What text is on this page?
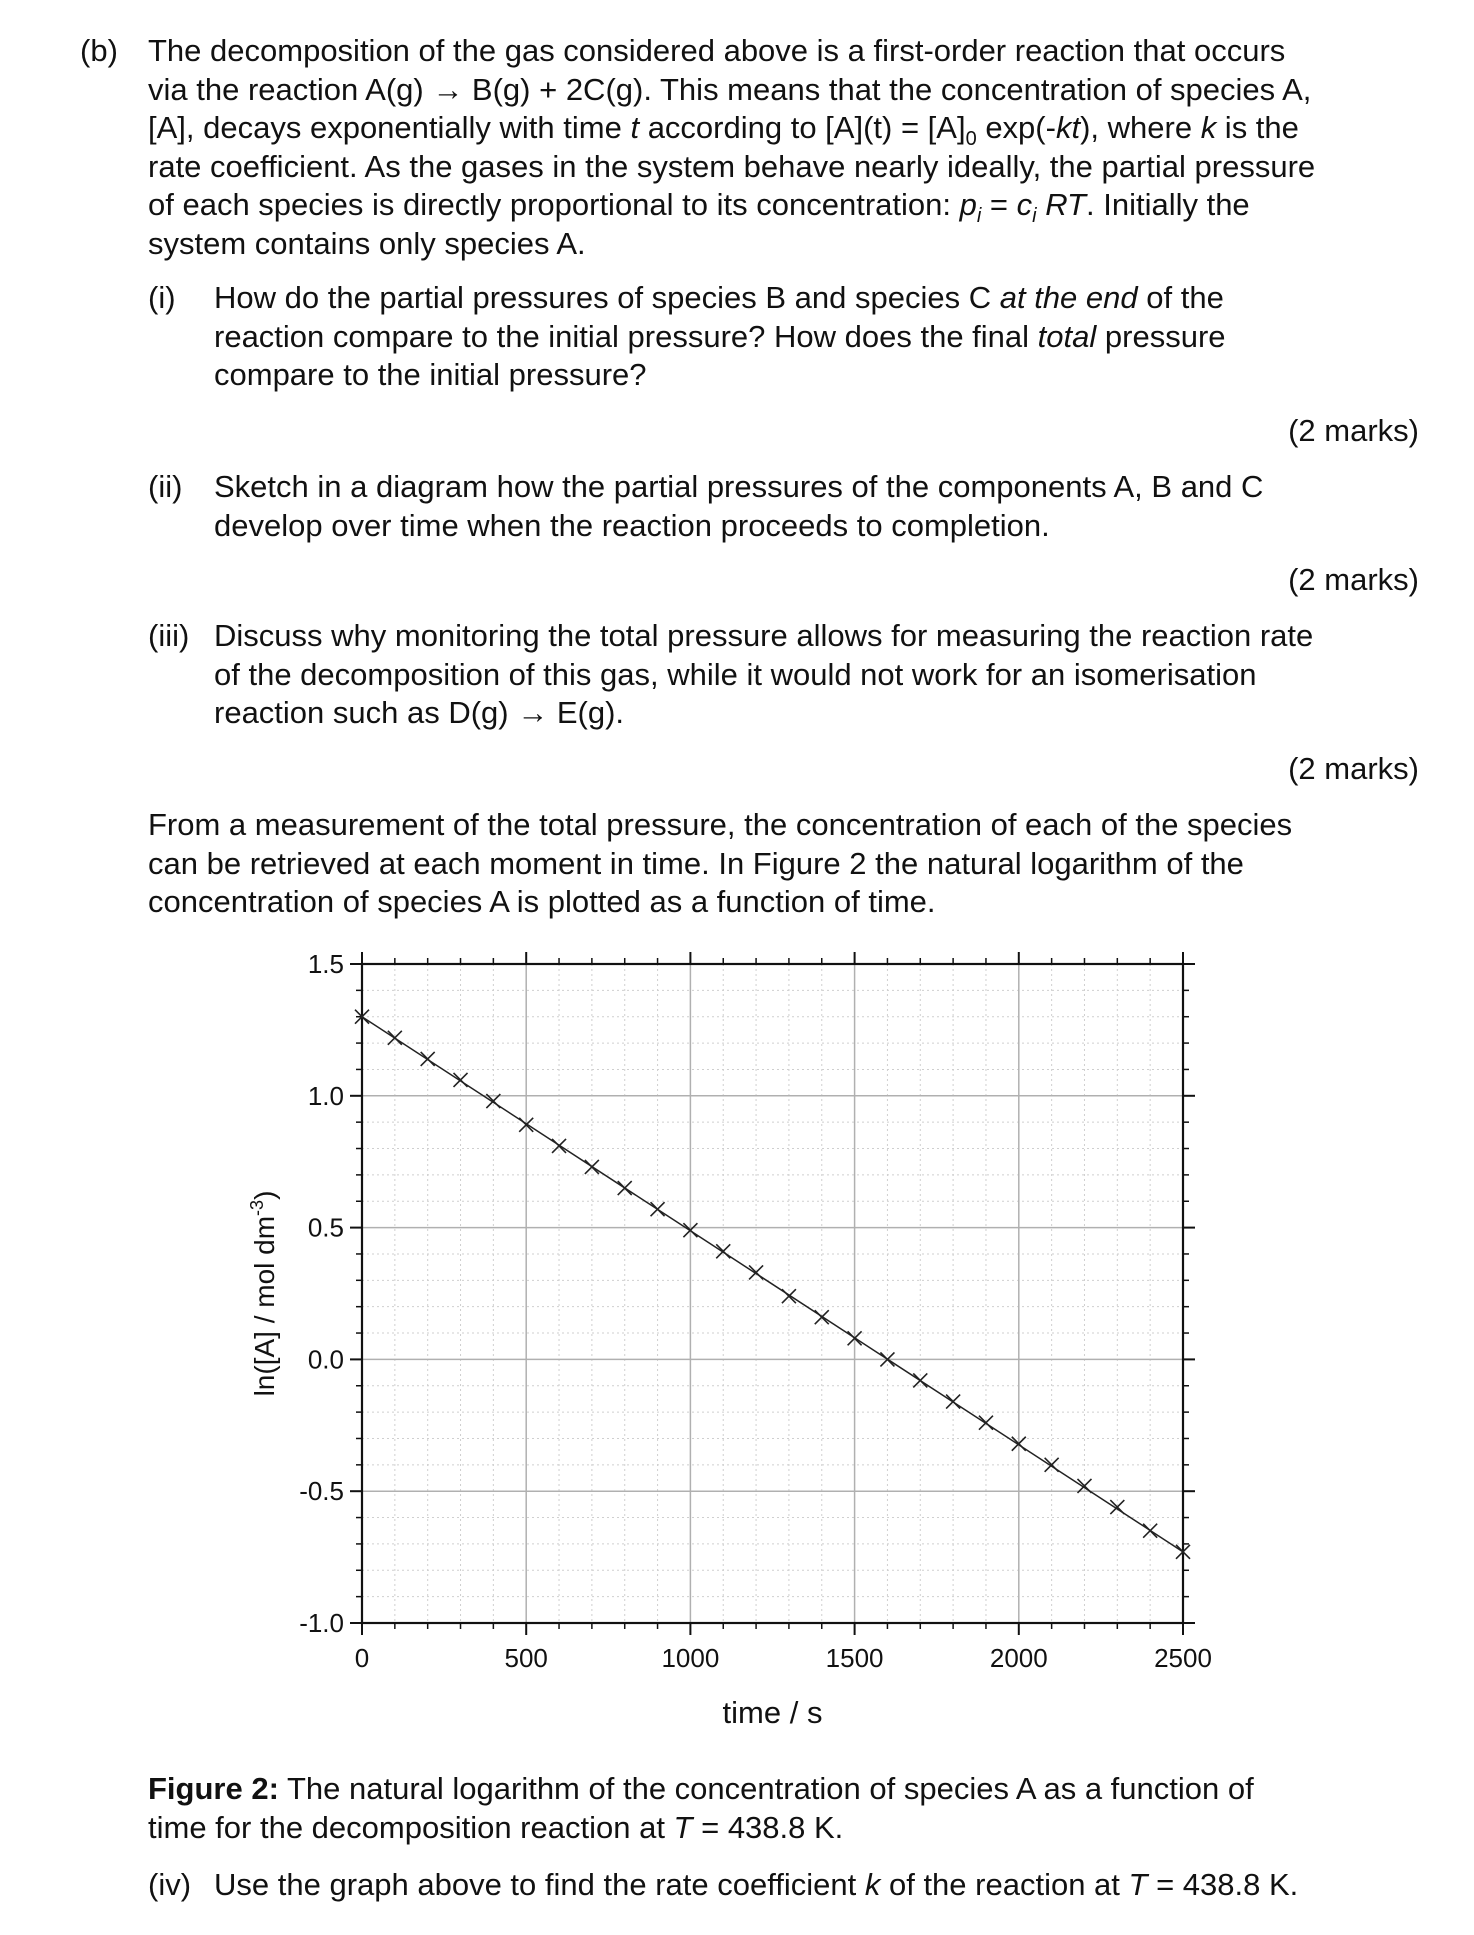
(b) The decomposition of the gas considered above is a first-order reaction that occurs
via the reaction A(g) → B(g) + 2C(g). This means that the concentration of species A,
[A], decays exponentially with time t according to $[A](t) = [A]_0$ exp(-kt), where k is the
rate coefficient. As the gases in the system behave nearly ideally, the partial pressure
of each species is directly proportional to its concentration: $p_i = c_i$ RT. Initially the
system contains only species A.
(i) How do the partial pressures of species B and species C at the end of the
reaction compare to the initial pressure? How does the final total pressure
compare to the initial pressure?
(2 marks)
(ii) Sketch in a diagram how the partial pressures of the components A, B and C
develop over time when the reaction proceeds to completion.
(2 marks)
(iii) Discuss why monitoring the total pressure allows for measuring the reaction rate
of the decomposition of this gas, while it would not work for an isomerisation
reaction such as D(g) → E(g).
(2 marks)
From a measurement of the total pressure, the concentration of each of the species
can be retrieved at each moment in time. In Figure 2 the natural logarithm of the
concentration of species A is plotted as a function of time.
0	500	1000	1500	2000	2500
1.5
1.0
0.5
0.0
-0.5
-1.0
time / s
ln([A] / mol $dm^{-3}$)
Figure 2: The natural logarithm of the concentration of species A as a function of
time for the decomposition reaction at T = 438.8 K.
(iv) Use the graph above to find the rate coefficient k of the reaction at T = 438.8 K.
